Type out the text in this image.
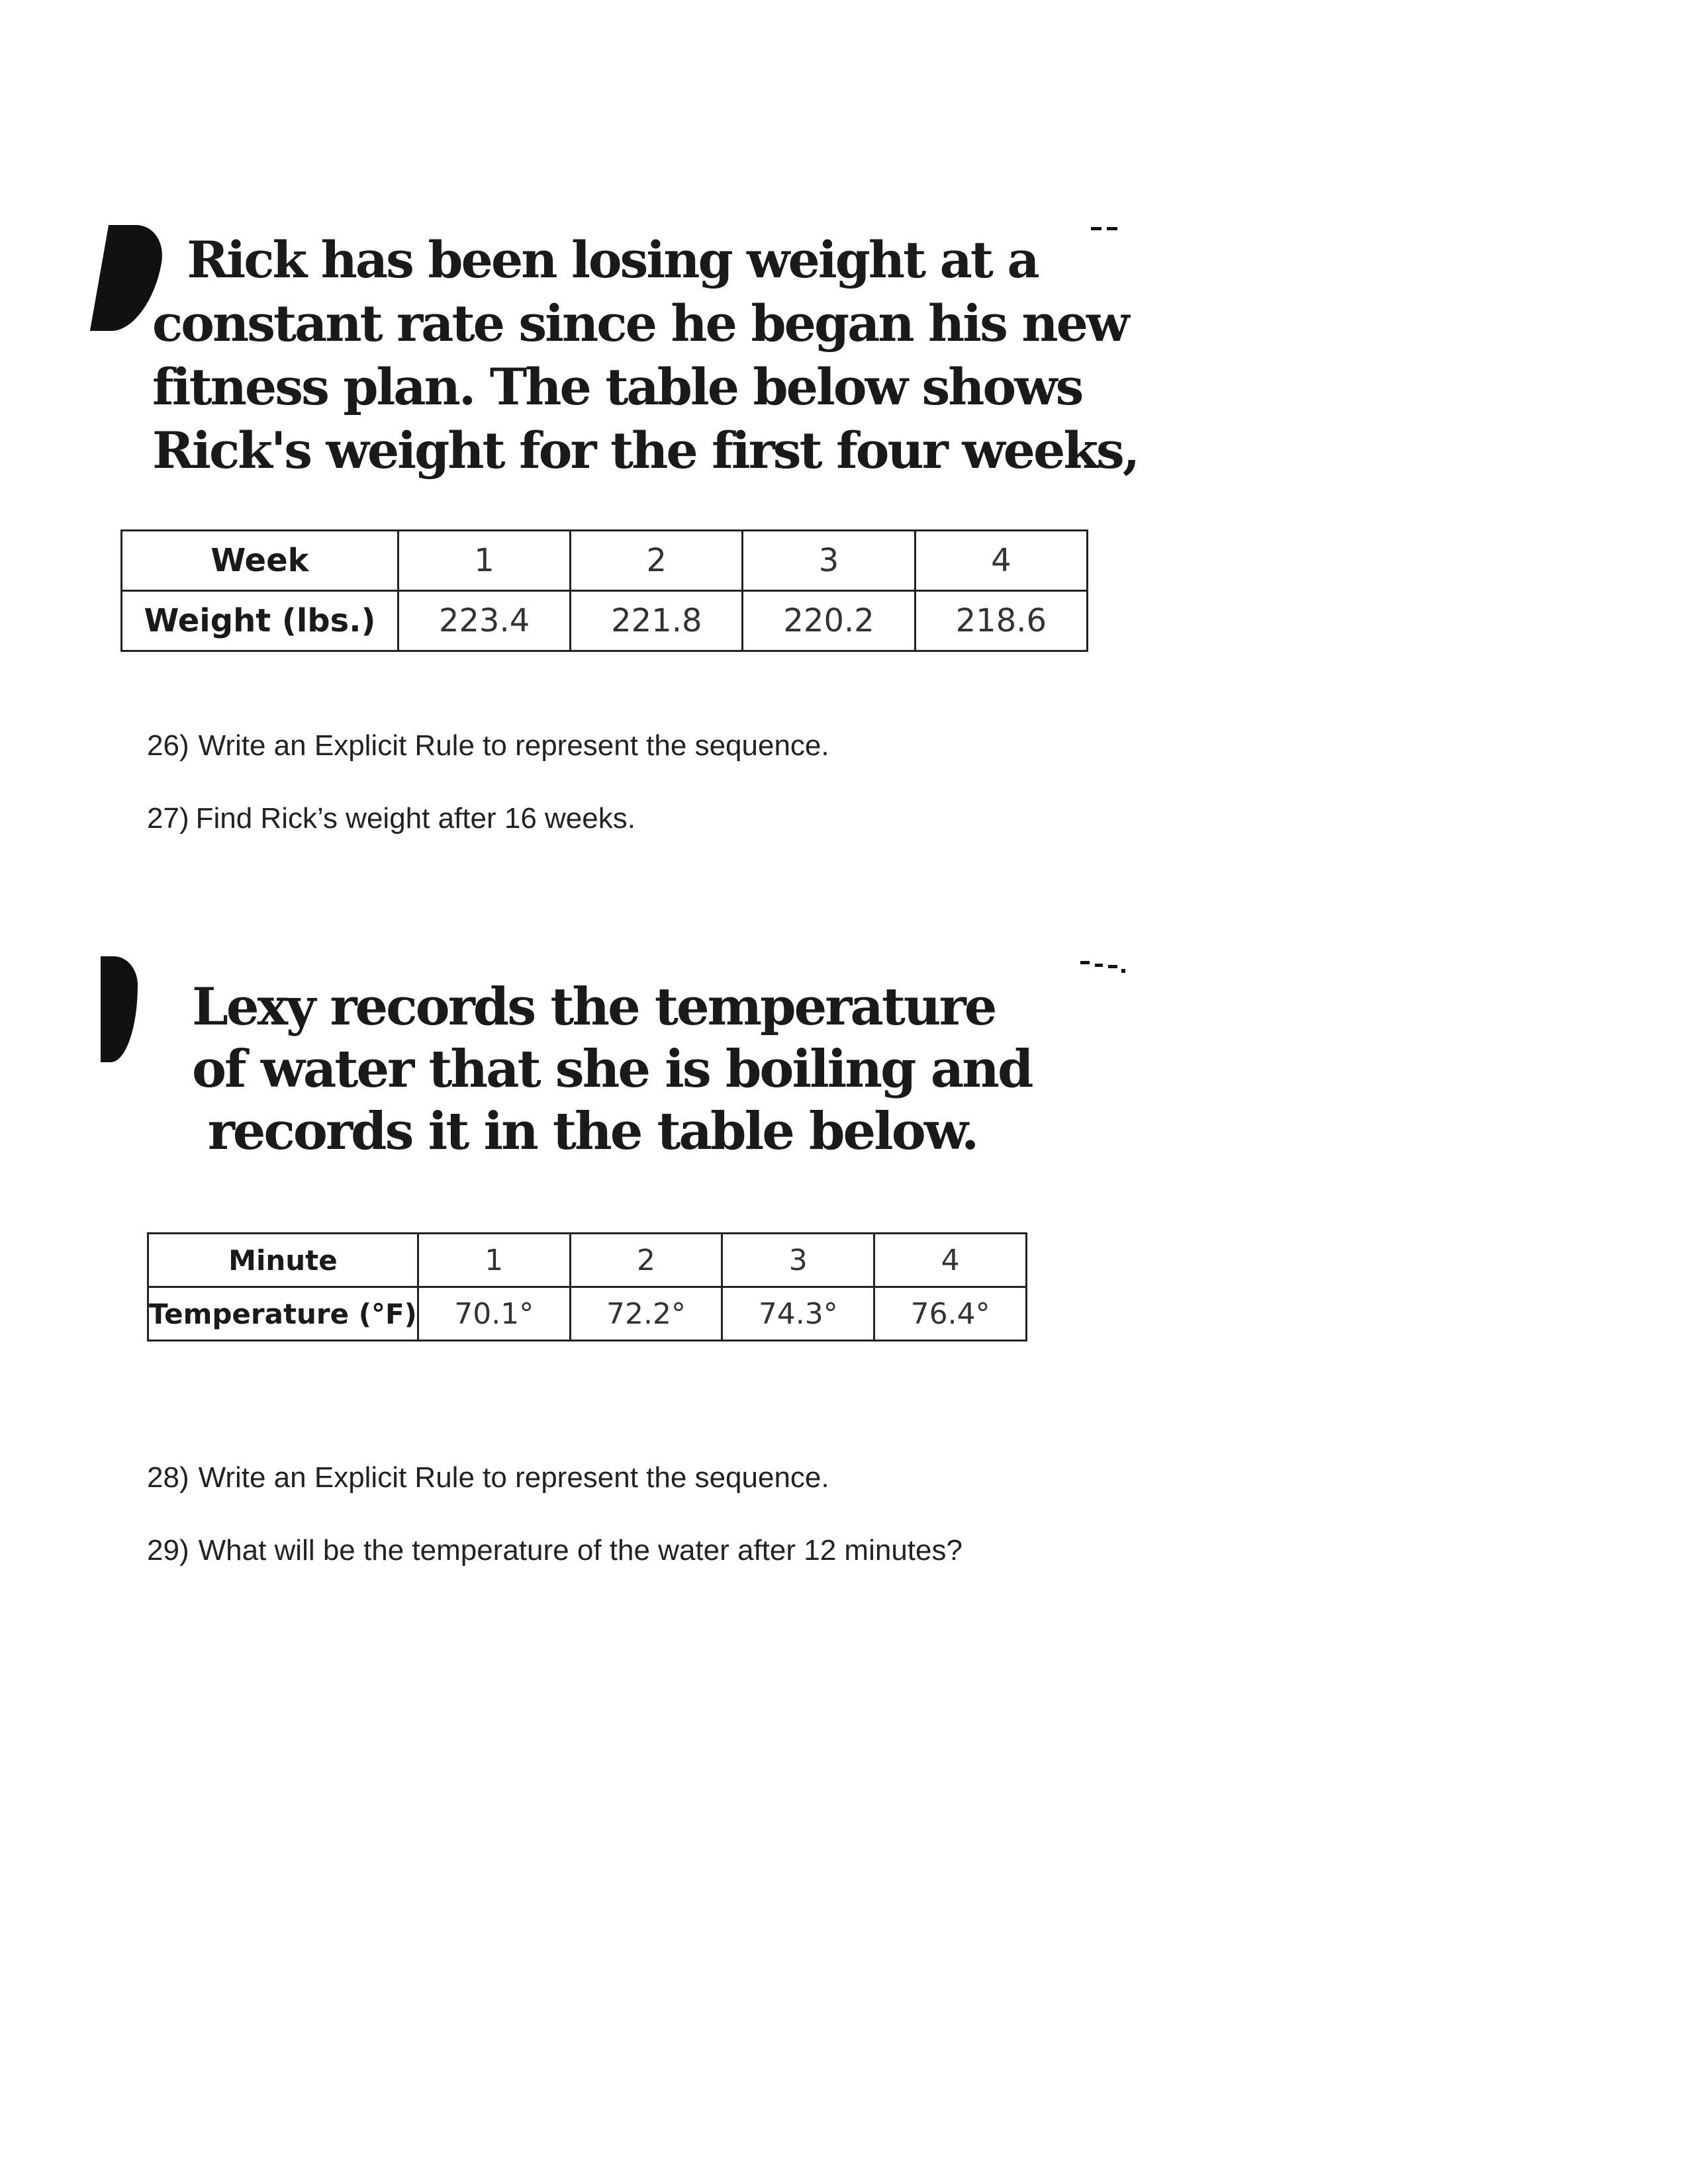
Rick has been losing weight at a
constant rate since he began his new
fitness plan. The table below shows
Rick's weight for the first four weeks,
Week	1	2	3	4
Weight (lbs.)	223.4	221.8	220.2	218.6
26) Write an Explicit Rule to represent the sequence.
27) Find Rick’s weight after 16 weeks.
Lexy records the temperature
of water that she is boiling and
records it in the table below.
Minute	1	2	3	4
Temperature (°F)	70.1°	72.2°	74.3°	76.4°
28) Write an Explicit Rule to represent the sequence.
29) What will be the temperature of the water after 12 minutes?
